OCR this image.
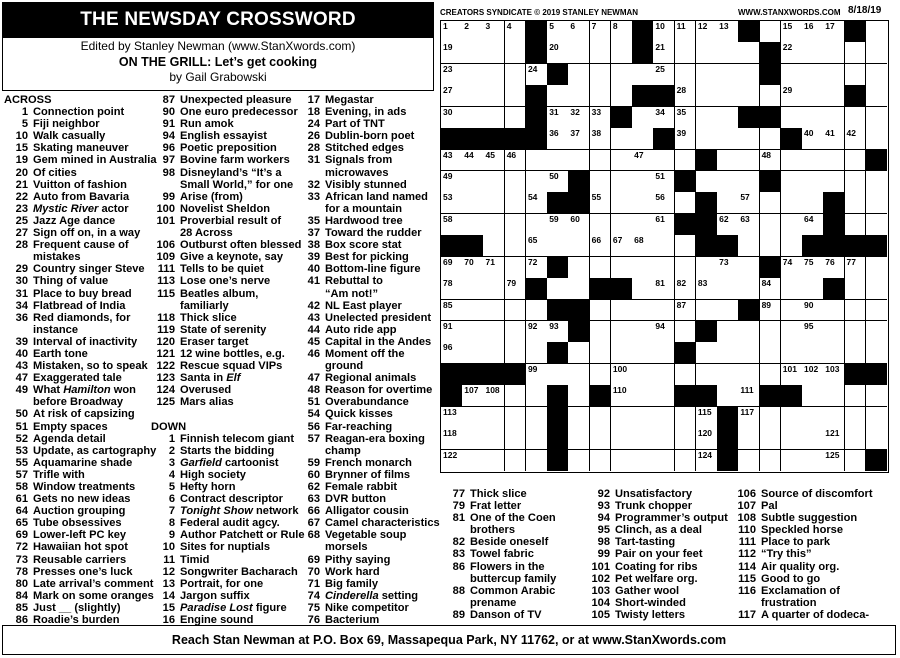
THE NEWSDAY CROSSWORD
Edited by Stanley Newman (www.StanXwords.com)
ON THE GRILL: Let’s get cooking
by Gail Grabowski
ACROSS
1 Connection point
5 Fiji neighbor
10 Walk casually
15 Skating maneuver
19 Gem mined in Australia
20 Of cities
21 Vuitton of fashion
22 Auto from Bavaria
23 Mystic River actor
25 Jazz Age dance
27 Sign off on, in a way
28 Frequent cause of
mistakes
29 Country singer Steve
30 Thing of value
31 Place to buy bread
34 Flatbread of India
36 Red diamonds, for
instance
39 Interval of inactivity
40 Earth tone
43 Mistaken, so to speak
47 Exaggerated tale
49 What Hamilton won
before Broadway
50 At risk of capsizing
51 Empty spaces
52 Agenda detail
53 Update, as cartography
55 Aquamarine shade
57 Trifle with
58 Window treatments
61 Gets no new ideas
64 Auction grouping
65 Tube obsessives
69 Lower-left PC key
72 Hawaiian hot spot
73 Reusable carriers
78 Presses one’s luck
80 Late arrival’s comment
84 Mark on some oranges
85 Just __ (slightly)
86 Roadie’s burden
87 Unexpected pleasure
90 One euro predecessor
91 Run amok
94 English essayist
96 Poetic preposition
97 Bovine farm workers
98 Disneyland’s “It’s a
Small World,” for one
99 Arise (from)
100 Novelist Sheldon
101 Proverbial result of
28 Across
106 Outburst often blessed
109 Give a keynote, say
111 Tells to be quiet
113 Lose one’s nerve
115 Beatles album,
familiarly
118 Thick slice
119 State of serenity
120 Eraser target
121 12 wine bottles, e.g.
122 Rescue squad VIPs
123 Santa in Elf
124 Overused
125 Mars alias
DOWN
1 Finnish telecom giant
2 Starts the bidding
3 Garfield cartoonist
4 High society
5 Hefty horn
6 Contract descriptor
7 Tonight Show network
8 Federal audit agcy.
9 Author Patchett or Rule
10 Sites for nuptials
11 Timid
12 Songwriter Bacharach
13 Portrait, for one
14 Jargon suffix
15 Paradise Lost figure
16 Engine sound
17 Megastar
18 Evening, in ads
24 Part of TNT
26 Dublin-born poet
28 Stitched edges
31 Signals from
microwaves
32 Visibly stunned
33 African land named
for a mountain
35 Hardwood tree
37 Toward the rudder
38 Box score stat
39 Best for picking
40 Bottom-line figure
41 Rebuttal to
“Am not!”
42 NL East player
43 Unelected president
44 Auto ride app
45 Capital in the Andes
46 Moment off the
ground
47 Regional animals
48 Reason for overtime
51 Overabundance
54 Quick kisses
56 Far-reaching
57 Reagan-era boxing
champ
59 French monarch
60 Brynner of films
62 Female rabbit
63 DVR button
66 Alligator cousin
67 Camel characteristics
68 Vegetable soup
morsels
69 Pithy saying
70 Work hard
71 Big family
74 Cinderella setting
75 Nike competitor
76 Bacterium
77 Thick slice
79 Frat letter
81 One of the Coen
brothers
82 Beside oneself
83 Towel fabric
86 Flowers in the
buttercup family
88 Common Arabic
prename
89 Danson of TV
92 Unsatisfactory
93 Trunk chopper
94 Programmer’s output
95 Clinch, as a deal
98 Tart-tasting
99 Pair on your feet
101 Coating for ribs
102 Pet welfare org.
103 Gather wool
104 Short-winded
105 Twisty letters
106 Source of discomfort
107 Pal
108 Subtle suggestion
110 Speckled horse
111 Place to park
112 “Try this”
114 Air quality org.
115 Good to go
116 Exclamation of
frustration
117 A quarter of dodeca-
CREATORS SYNDICATE © 2019 STANLEY NEWMAN	WWW.STANXWORDS.COM 8/18/19
1 2 3 4	5 6 7 8	10 11 12 13	15 16 17
19	20	21	22
23	24	25
27	28	29
30	31 32 33	34 35
36 37 38	39	40 41 42
43 44 45 46	47	48
49	50	51
53	54	55	56	57
58	59 60	61	62 63	64
65	66 67 68
69 70 71	72	73	74 75 76 77
78	79	81 82 83	84
85	87	89	90
91	92 93	94	95
96
99	100	101 102 103
107 108	110	111
113	115	117
118	120	121
122	124	125
Reach Stan Newman at P.O. Box 69, Massapequa Park, NY 11762, or at www.StanXwords.com
